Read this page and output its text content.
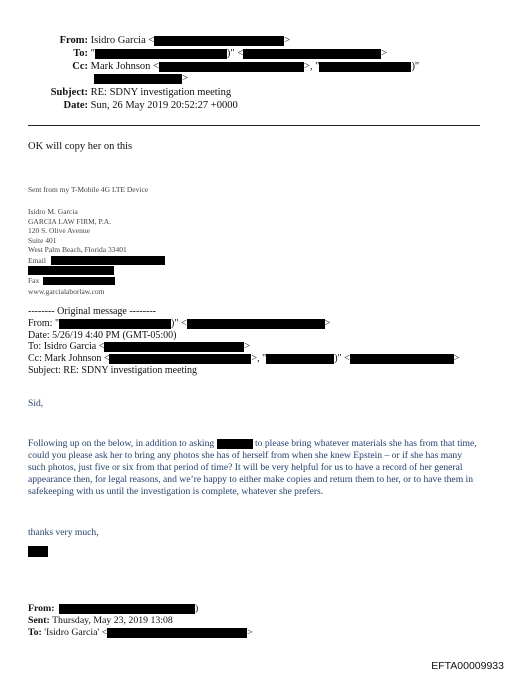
From: Isidro Garcia <	>
To: "	)" <	>
Cc: Mark Johnson <	>, "	)"
>
Subject: RE: SDNY investigation meeting
Date: Sun, 26 May 2019 20:52:27 +0000
OK will copy her on this
Sent from my T-Mobile 4G LTE Device
Isidro M. Garcia
GARCIA LAW FIRM, P.A.
120 S. Olive Avenue
Suite 401
West Palm Beach, Florida 33401
Email
Fax
www.garcialaborlaw.com
-------- Original message --------
From: "	)" <	>
Date: 5/26/19 4:40 PM (GMT-05:00)
To: Isidro Garcia <	>
Cc: Mark Johnson <	>, "	)" <	>
Subject: RE: SDNY investigation meeting
Sid,
Following up on the below, in addition to asking	to please bring whatever materials she has from that time, could you please ask her to bring any photos she has of herself from when she knew Epstein – or if she has many such photos, just five or six from that period of time? It will be very helpful for us to have a record of her general appearance then, for legal reasons, and we’re happy to either make copies and return them to her, or to have them in safekeeping with us until the investigation is complete, whatever she prefers.
thanks very much,
From:	)
Sent: Thursday, May 23, 2019 13:08
To: 'Isidro Garcia' <	>
EFTA00009933
